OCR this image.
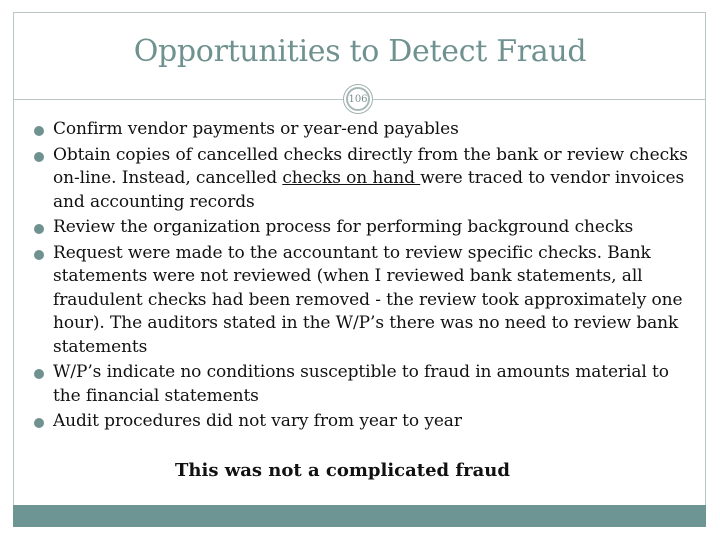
Opportunities to Detect Fraud
106
Confirm vendor payments or year-end payables
Obtain copies of cancelled checks directly from the bank or review checks on-line. Instead, cancelled checks on hand were traced to vendor invoices and accounting records
Review the organization process for performing background checks
Request were made to the accountant to review specific checks. Bank statements were not reviewed (when I reviewed bank statements, all fraudulent checks had been removed - the review took approximately one hour). The auditors stated in the W/P’s there was no need to review bank statements
W/P’s indicate no conditions susceptible to fraud in amounts material to the financial statements
Audit procedures did not vary from year to year
This was not a complicated fraud
